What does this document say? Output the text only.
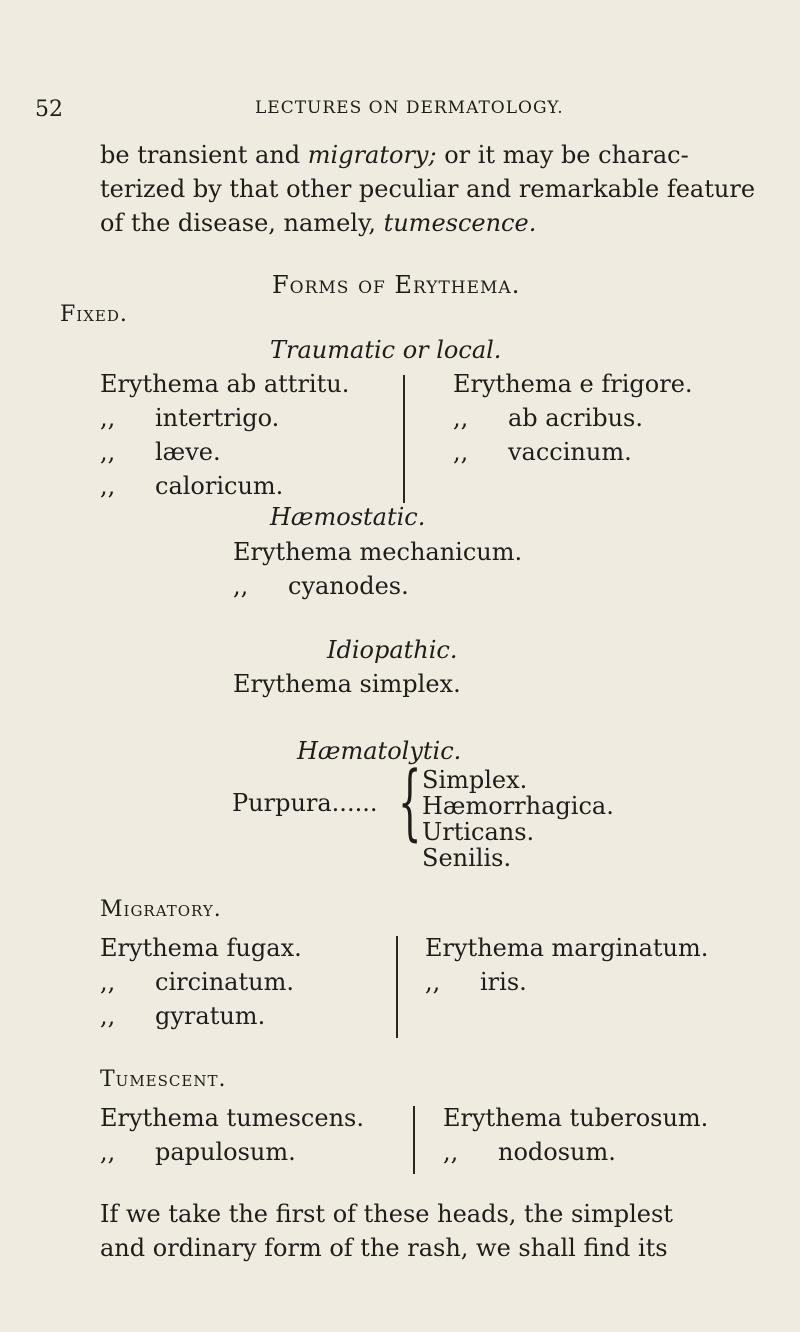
52	LECTURES ON DERMATOLOGY.
be transient and migratory; or it may be charac-
terized by that other peculiar and remarkable feature
of the disease, namely, tumescence.
Forms of Erythema.
Fixed.
Traumatic or local.
Erythema ab attritu.
,, intertrigo.
,, læve.
,, caloricum.
Erythema e frigore.
,, ab acribus.
,, vaccinum.
Hæmostatic.
Erythema mechanicum.
,, cyanodes.
Idiopathic.
Erythema simplex.
Hæmatolytic.
Purpura...... { Simplex.
Hæmorrhagica.
Urticans.
Senilis.
Migratory.
Erythema fugax.
,, circinatum.
,, gyratum.
Erythema marginatum.
,, iris.
Tumescent.
Erythema tumescens.
,, papulosum.
Erythema tuberosum.
,, nodosum.
If we take the first of these heads, the simplest
and ordinary form of the rash, we shall find its
